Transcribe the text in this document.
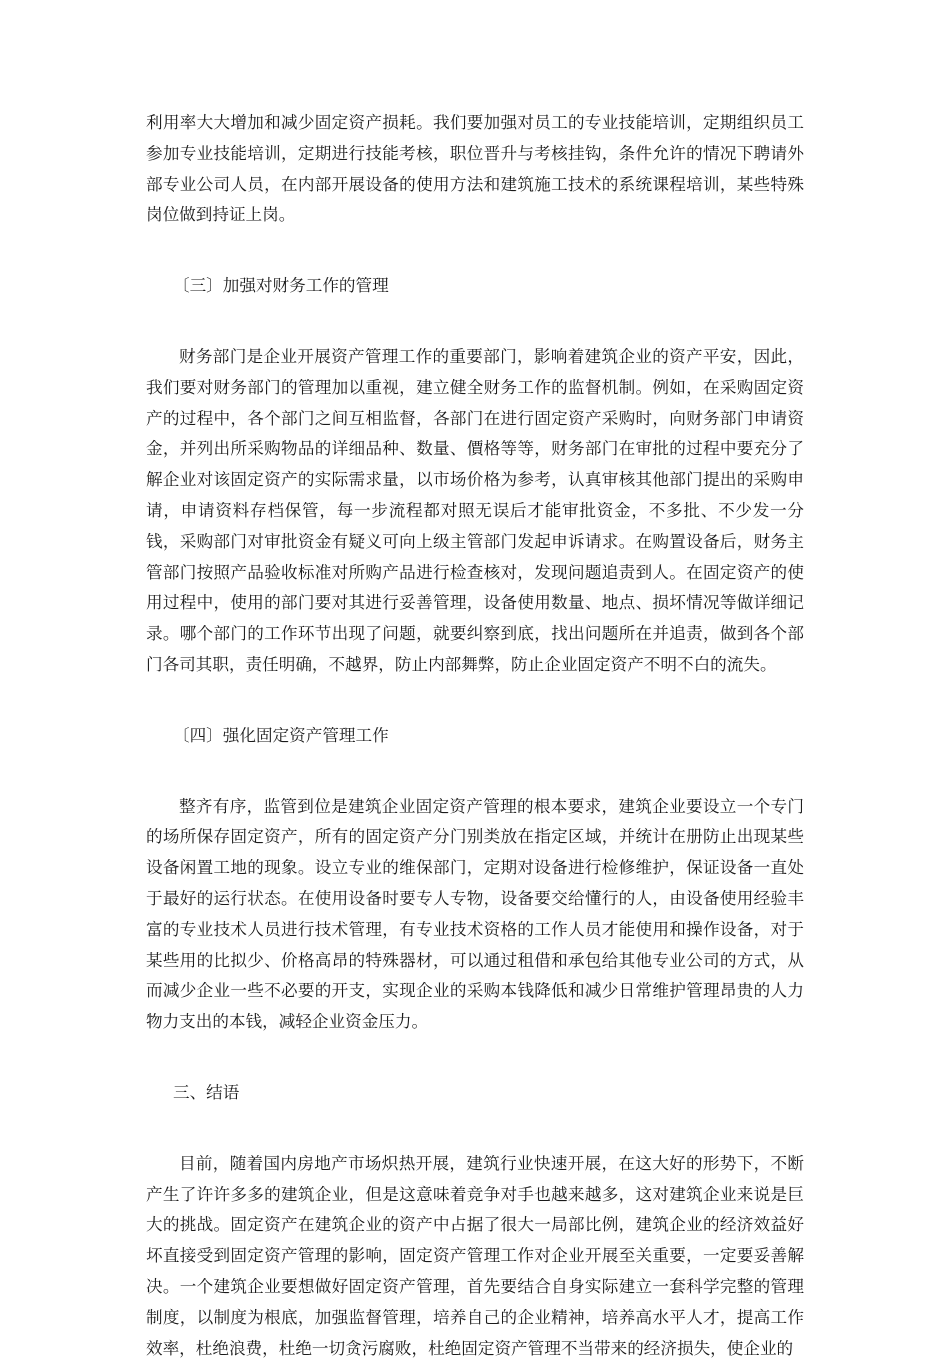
利用率大大增加和减少固定资产损耗。我们要加强对员工的专业技能培训，定期组织员工参加专业技能培训，定期进行技能考核，职位晋升与考核挂钩，条件允许的情况下聘请外部专业公司人员，在内部开展设备的使用方法和建筑施工技术的系统课程培训，某些特殊岗位做到持证上岗。

〔三〕加强对财务工作的管理

财务部门是企业开展资产管理工作的重要部门，影响着建筑企业的资产平安，因此，我们要对财务部门的管理加以重视，建立健全财务工作的监督机制。例如，在采购固定资产的过程中，各个部门之间互相监督，各部门在进行固定资产采购时，向财务部门申请资金，并列出所采购物品的详细品种、数量、價格等等，财务部门在审批的过程中要充分了解企业对该固定资产的实际需求量，以市场价格为参考，认真审核其他部门提出的采购申请，申请资料存档保管，每一步流程都对照无误后才能审批资金，不多批、不少发一分钱，采购部门对审批资金有疑义可向上级主管部门发起申诉请求。在购置设备后，财务主管部门按照产品验收标准对所购产品进行检查核对，发现问题追责到人。在固定资产的使用过程中，使用的部门要对其进行妥善管理，设备使用数量、地点、损坏情况等做详细记录。哪个部门的工作环节出现了问题，就要纠察到底，找出问题所在并追责，做到各个部门各司其职，责任明确，不越界，防止内部舞弊，防止企业固定资产不明不白的流失。

〔四〕强化固定资产管理工作

整齐有序，监管到位是建筑企业固定资产管理的根本要求，建筑企业要设立一个专门的场所保存固定资产，所有的固定资产分门别类放在指定区域，并统计在册防止出现某些设备闲置工地的现象。设立专业的维保部门，定期对设备进行检修维护，保证设备一直处于最好的运行状态。在使用设备时要专人专物，设备要交给懂行的人，由设备使用经验丰富的专业技术人员进行技术管理，有专业技术资格的工作人员才能使用和操作设备，对于某些用的比拟少、价格高昂的特殊器材，可以通过租借和承包给其他专业公司的方式，从而减少企业一些不必要的开支，实现企业的采购本钱降低和减少日常维护管理昂贵的人力物力支出的本钱，减轻企业资金压力。

三、结语

目前，随着国内房地产市场炽热开展，建筑行业快速开展，在这大好的形势下，不断产生了许许多多的建筑企业，但是这意味着竞争对手也越来越多，这对建筑企业来说是巨大的挑战。固定资产在建筑企业的资产中占据了很大一局部比例，建筑企业的经济效益好坏直接受到固定资产管理的影响，固定资产管理工作对企业开展至关重要，一定要妥善解决。一个建筑企业要想做好固定资产管理，首先要结合自身实际建立一套科学完整的管理制度，以制度为根底，加强监督管理，培养自己的企业精神，培养高水平人才，提高工作效率，杜绝浪费，杜绝一切贪污腐败，杜绝固定资产管理不当带来的经济损失，使企业的
